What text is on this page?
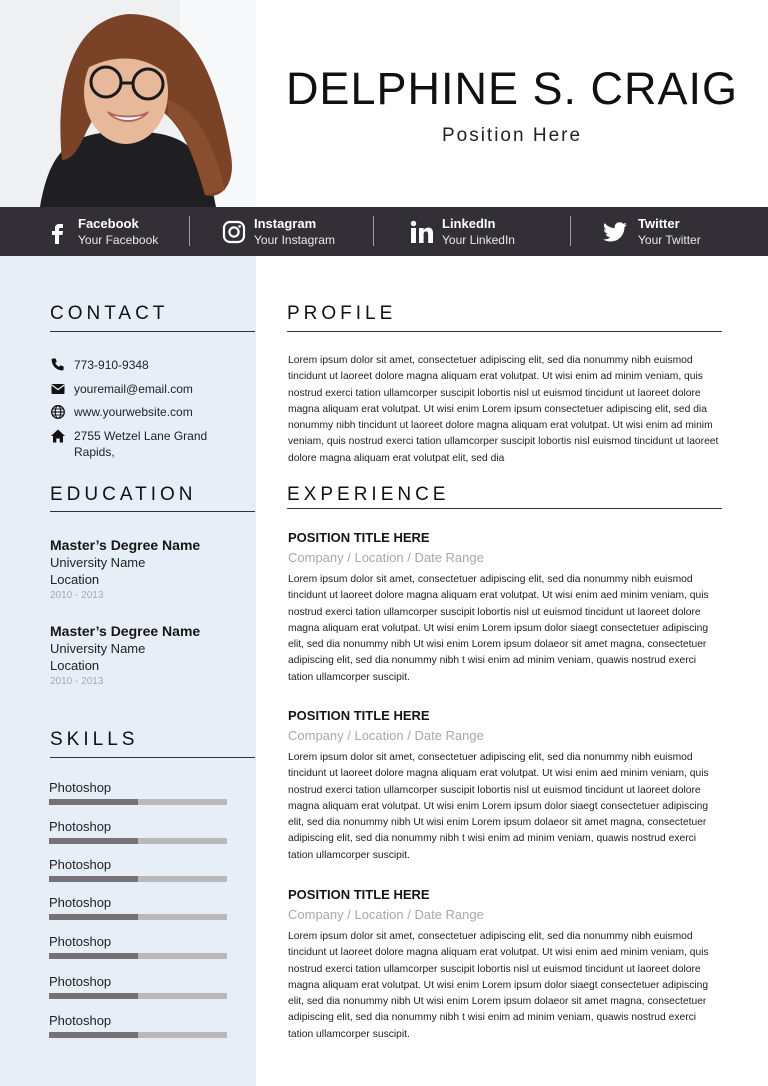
DELPHINE S. CRAIG
Position Here
Facebook
Your Facebook
Instagram
Your Instagram
LinkedIn
Your LinkedIn
Twitter
Your Twitter
CONTACT
773-910-9348
youremail@email.com
www.yourwebsite.com
2755 Wetzel Lane Grand Rapids,
EDUCATION
Master’s Degree Name
University Name
Location
2010 - 2013
Master’s Degree Name
University Name
Location
2010 - 2013
SKILLS
Photoshop
Photoshop
Photoshop
Photoshop
Photoshop
Photoshop
Photoshop
PROFILE
Lorem ipsum dolor sit amet, consectetuer adipiscing elit, sed dia nonummy nibh euismod tincidunt ut laoreet dolore magna aliquam erat volutpat. Ut wisi enim ad minim veniam, quis nostrud exerci tation ullamcorper suscipit lobortis nisl ut euismod tincidunt ut laoreet dolore magna aliquam erat volutpat. Ut wisi enim Lorem ipsum consectetuer adipiscing elit, sed dia nonummy nibh tincidunt ut laoreet dolore magna aliquam erat volutpat. Ut wisi enim ad minim veniam, quis nostrud exerci tation ullamcorper suscipit lobortis nisl euismod tincidunt ut laoreet dolore magna aliquam erat volutpat elit, sed dia
EXPERIENCE
POSITION TITLE HERE
Company / Location / Date Range
Lorem ipsum dolor sit amet, consectetuer adipiscing elit, sed dia nonummy nibh euismod tincidunt ut laoreet dolore magna aliquam erat volutpat. Ut wisi enim aed minim veniam, quis nostrud exerci tation ullamcorper suscipit lobortis nisl ut euismod tincidunt ut laoreet dolore magna aliquam erat volutpat. Ut wisi enim Lorem ipsum dolor siaegt consectetuer adipiscing elit, sed dia nonummy nibh Ut wisi enim Lorem ipsum dolaeor sit amet magna, consectetuer adipiscing elit, sed dia nonummy nibh t wisi enim ad minim veniam, quawis nostrud exerci tation ullamcorper suscipit.
POSITION TITLE HERE
Company / Location / Date Range
Lorem ipsum dolor sit amet, consectetuer adipiscing elit, sed dia nonummy nibh euismod tincidunt ut laoreet dolore magna aliquam erat volutpat. Ut wisi enim aed minim veniam, quis nostrud exerci tation ullamcorper suscipit lobortis nisl ut euismod tincidunt ut laoreet dolore magna aliquam erat volutpat. Ut wisi enim Lorem ipsum dolor siaegt consectetuer adipiscing elit, sed dia nonummy nibh Ut wisi enim Lorem ipsum dolaeor sit amet magna, consectetuer adipiscing elit, sed dia nonummy nibh t wisi enim ad minim veniam, quawis nostrud exerci tation ullamcorper suscipit.
POSITION TITLE HERE
Company / Location / Date Range
Lorem ipsum dolor sit amet, consectetuer adipiscing elit, sed dia nonummy nibh euismod tincidunt ut laoreet dolore magna aliquam erat volutpat. Ut wisi enim aed minim veniam, quis nostrud exerci tation ullamcorper suscipit lobortis nisl ut euismod tincidunt ut laoreet dolore magna aliquam erat volutpat. Ut wisi enim Lorem ipsum dolor siaegt consectetuer adipiscing elit, sed dia nonummy nibh Ut wisi enim Lorem ipsum dolaeor sit amet magna, consectetuer adipiscing elit, sed dia nonummy nibh t wisi enim ad minim veniam, quawis nostrud exerci tation ullamcorper suscipit.
